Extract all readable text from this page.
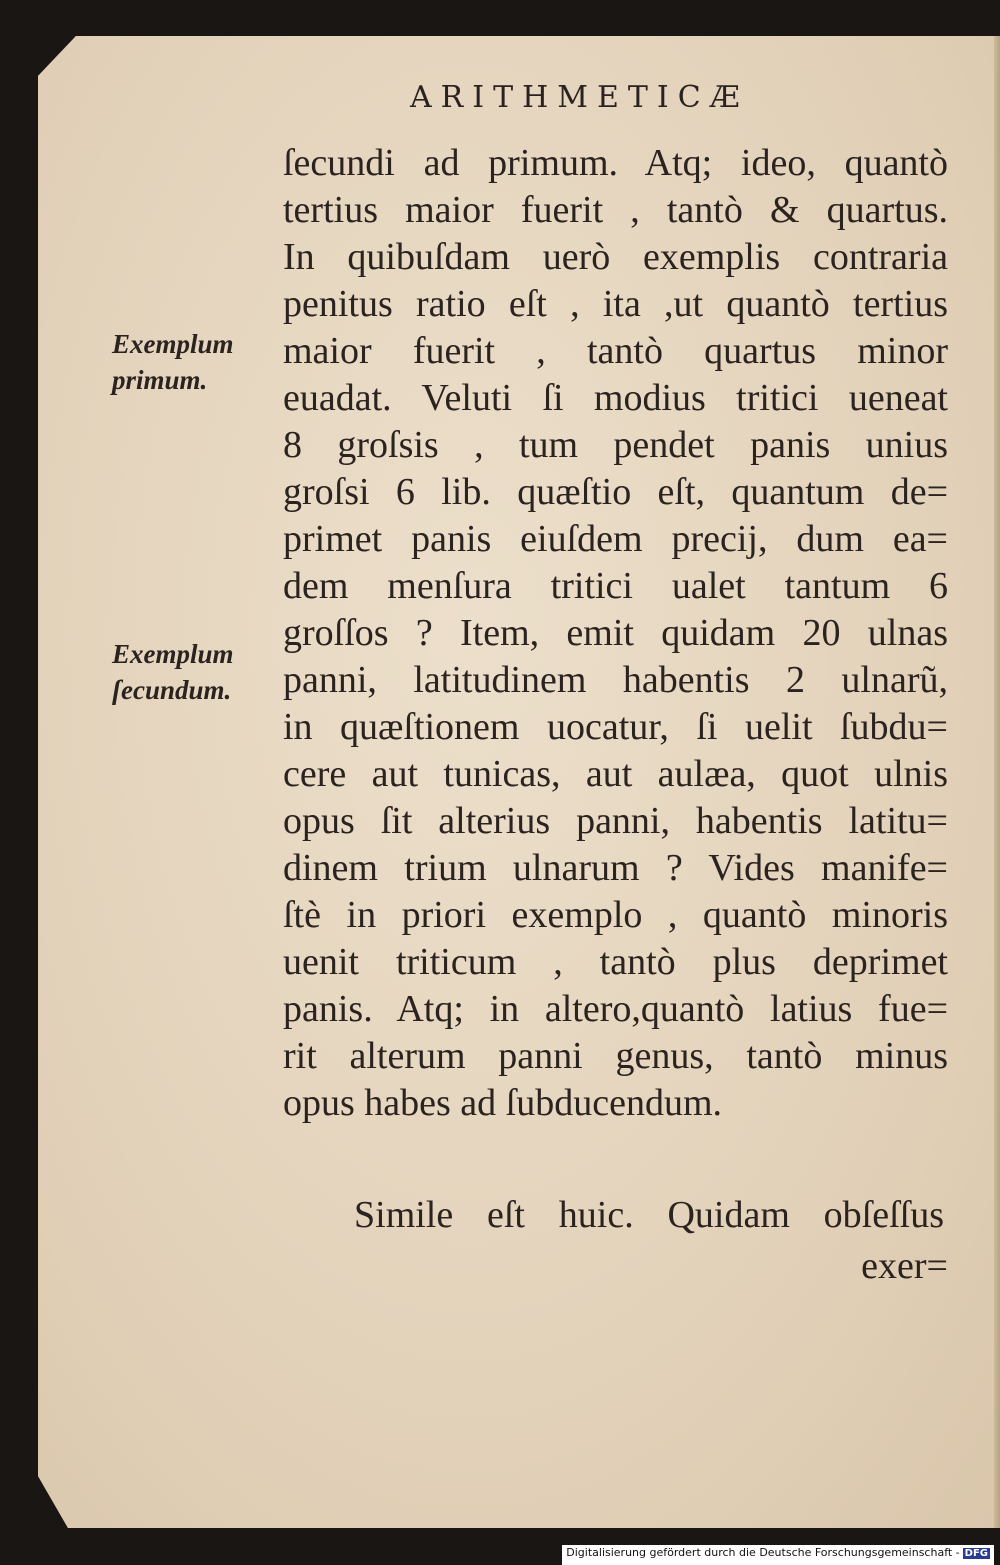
ARITHMETICÆ
Exemplum
primum.
Exemplum
ſecundum.
ſecundi ad primum. Atq; ideo, quantò
tertius maior fuerit , tantò & quartus.
In quibuſdam uerò exemplis contraria
penitus ratio eſt , ita ,ut quantò tertius
maior fuerit , tantò quartus minor
euadat. Veluti ſi modius tritici ueneat
8 groſsis , tum pendet panis unius
groſsi 6 lib. quæſtio eſt, quantum de=
primet panis eiuſdem precij, dum ea=
dem menſura tritici ualet tantum 6
groſſos ? Item, emit quidam 20 ulnas
panni, latitudinem habentis 2 ulnarũ,
in quæſtionem uocatur, ſi uelit ſubdu=
cere aut tunicas, aut aulæa, quot ulnis
opus ſit alterius panni, habentis latitu=
dinem trium ulnarum ? Vides manife=
ſtè in priori exemplo , quantò minoris
uenit triticum , tantò plus deprimet
panis. Atq; in altero,quantò latius fue=
rit alterum panni genus, tantò minus
opus habes ad ſubducendum.
Simile eſt huic. Quidam obſeſſus
exer=
Digitalisierung gefördert durch die Deutsche Forschungsgemeinschaft - DFG
